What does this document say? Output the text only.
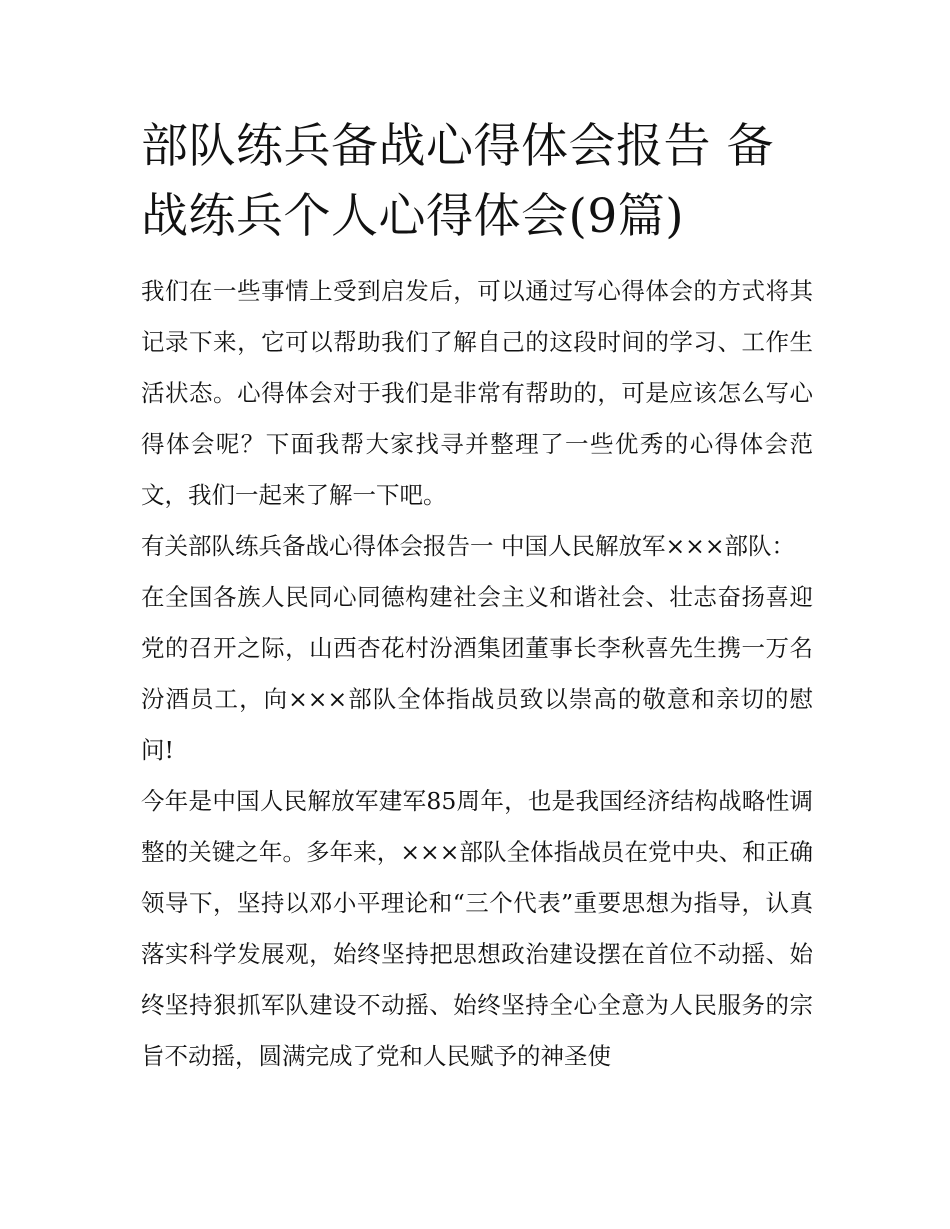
部队练兵备战心得体会报告 备战练兵个人心得体会(9篇)

我们在一些事情上受到启发后，可以通过写心得体会的方式将其记录下来，它可以帮助我们了解自己的这段时间的学习、工作生活状态。心得体会对于我们是非常有帮助的，可是应该怎么写心得体会呢？下面我帮大家找寻并整理了一些优秀的心得体会范文，我们一起来了解一下吧。

有关部队练兵备战心得体会报告一 中国人民解放军×××部队：

在全国各族人民同心同德构建社会主义和谐社会、壮志奋扬喜迎党的召开之际，山西杏花村汾酒集团董事长李秋喜先生携一万名汾酒员工，向×××部队全体指战员致以崇高的敬意和亲切的慰问!

今年是中国人民解放军建军85周年，也是我国经济结构战略性调整的关键之年。多年来，×××部队全体指战员在党中央、和正确领导下，坚持以邓小平理论和“三个代表”重要思想为指导，认真落实科学发展观，始终坚持把思想政治建设摆在首位不动摇、始终坚持狠抓军队建设不动摇、始终坚持全心全意为人民服务的宗旨不动摇，圆满完成了党和人民赋予的神圣使
